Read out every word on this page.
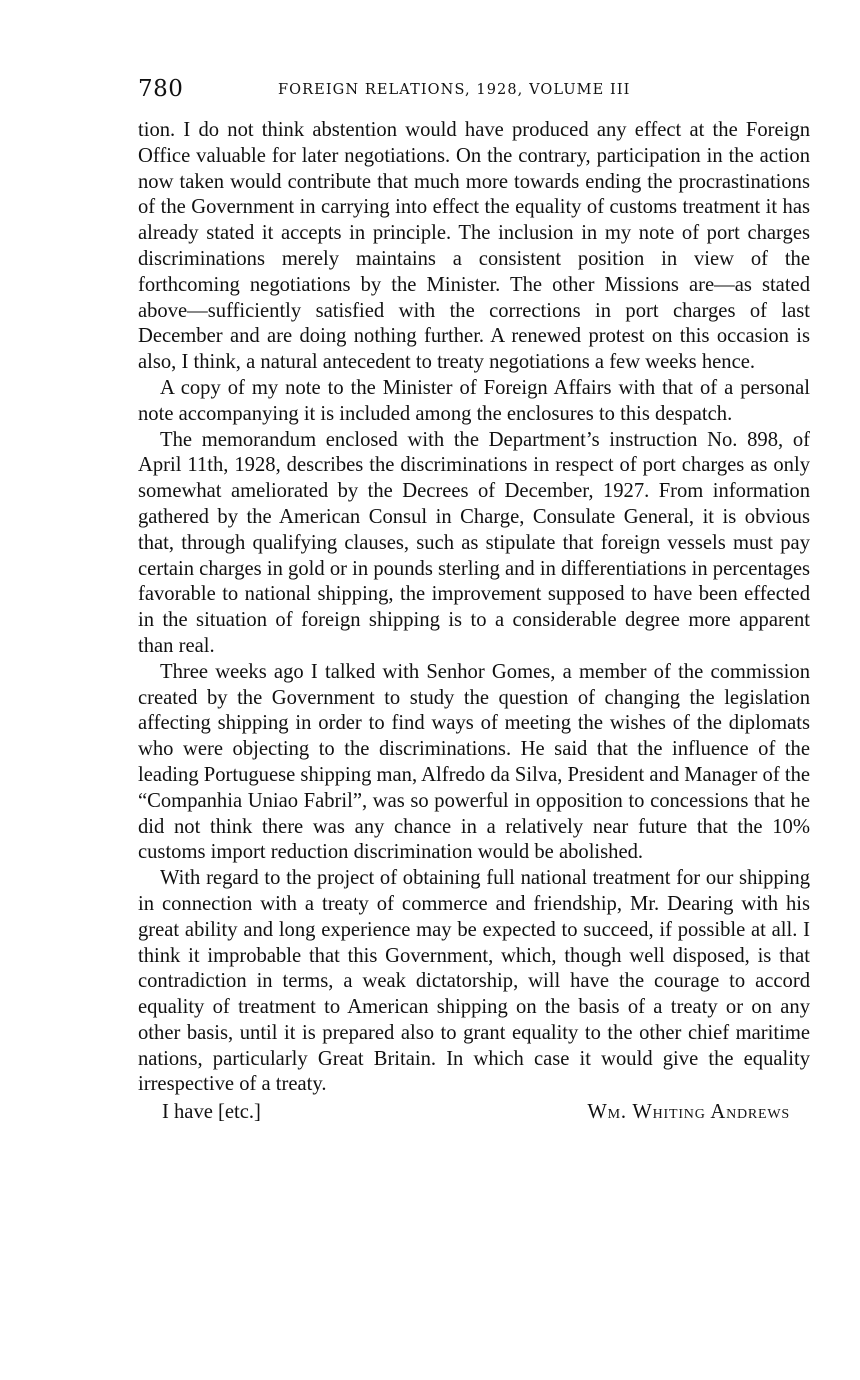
780	FOREIGN RELATIONS, 1928, VOLUME III

tion. I do not think abstention would have produced any effect at the Foreign Office valuable for later negotiations. On the contrary, participation in the action now taken would contribute that much more towards ending the procrastinations of the Government in carrying into effect the equality of customs treatment it has already stated it accepts in principle. The inclusion in my note of port charges discriminations merely maintains a consistent position in view of the forthcoming negotiations by the Minister. The other Missions are—as stated above—sufficiently satisfied with the corrections in port charges of last December and are doing nothing further. A renewed protest on this occasion is also, I think, a natural antecedent to treaty negotiations a few weeks hence.

A copy of my note to the Minister of Foreign Affairs with that of a personal note accompanying it is included among the enclosures to this despatch.

The memorandum enclosed with the Department’s instruction No. 898, of April 11th, 1928, describes the discriminations in respect of port charges as only somewhat ameliorated by the Decrees of December, 1927. From information gathered by the American Consul in Charge, Consulate General, it is obvious that, through qualifying clauses, such as stipulate that foreign vessels must pay certain charges in gold or in pounds sterling and in differentiations in percentages favorable to national shipping, the improvement supposed to have been effected in the situation of foreign shipping is to a considerable degree more apparent than real.

Three weeks ago I talked with Senhor Gomes, a member of the commission created by the Government to study the question of changing the legislation affecting shipping in order to find ways of meeting the wishes of the diplomats who were objecting to the discriminations. He said that the influence of the leading Portuguese shipping man, Alfredo da Silva, President and Manager of the “Companhia Uniao Fabril”, was so powerful in opposition to concessions that he did not think there was any chance in a relatively near future that the 10% customs import reduction discrimination would be abolished.

With regard to the project of obtaining full national treatment for our shipping in connection with a treaty of commerce and friendship, Mr. Dearing with his great ability and long experience may be expected to succeed, if possible at all. I think it improbable that this Government, which, though well disposed, is that contradiction in terms, a weak dictatorship, will have the courage to accord equality of treatment to American shipping on the basis of a treaty or on any other basis, until it is prepared also to grant equality to the other chief maritime nations, particularly Great Britain. In which case it would give the equality irrespective of a treaty.

I have [etc.]	Wm. Whiting Andrews
